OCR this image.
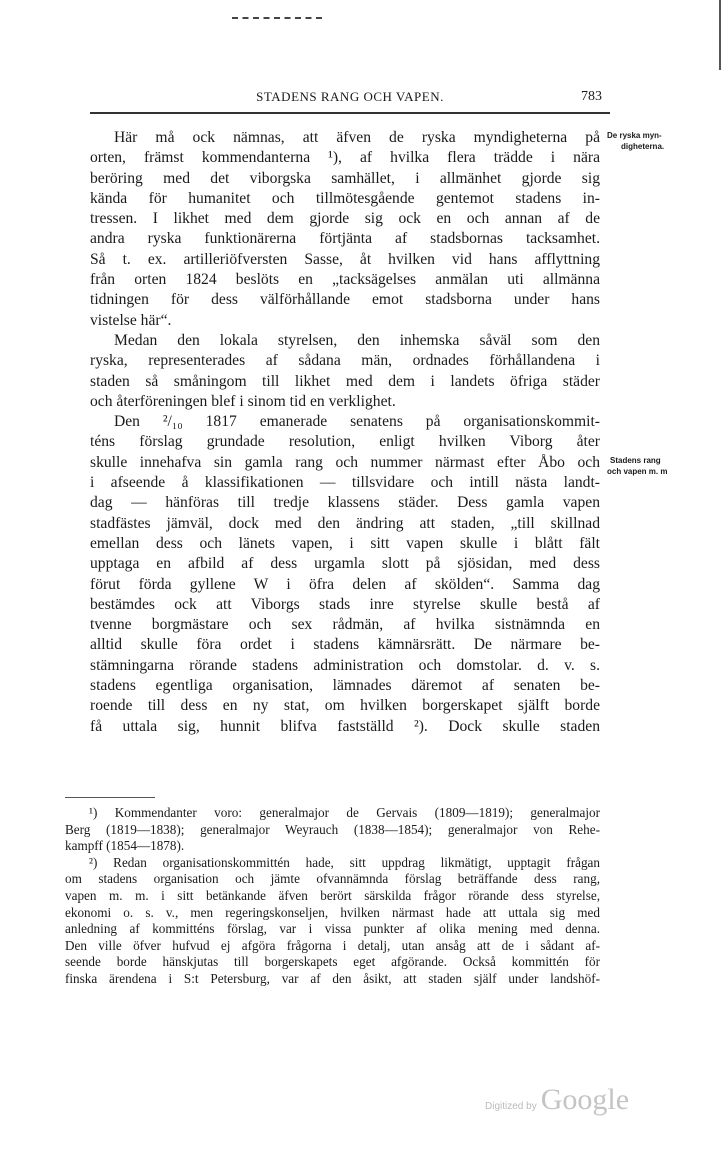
STADENS RANG OCH VAPEN.	783
Här må ock nämnas, att äfven de ryska myndigheterna på
orten, främst kommendanterna ¹), af hvilka flera trädde i nära
beröring med det viborgska samhället, i allmänhet gjorde sig
kända för humanitet och tillmötesgående gentemot stadens in-
tressen. I likhet med dem gjorde sig ock en och annan af de
andra ryska funktionärerna förtjänta af stadsbornas tacksamhet.
Så t. ex. artilleriöfversten Sasse, åt hvilken vid hans afflyttning
från orten 1824 beslöts en „tacksägelses anmälan uti allmänna
tidningen för dess välförhållande emot stadsborna under hans
vistelse här“.
Medan den lokala styrelsen, den inhemska såväl som den
ryska, representerades af sådana män, ordnades förhållandena i
staden så småningom till likhet med dem i landets öfriga städer
och återföreningen blef i sinom tid en verklighet.
Den ²/₁₀ 1817 emanerade senatens på organisationskommit-
téns förslag grundade resolution, enligt hvilken Viborg åter
skulle innehafva sin gamla rang och nummer närmast efter Åbo och
i afseende å klassifikationen — tillsvidare och intill nästa landt-
dag — hänföras till tredje klassens städer. Dess gamla vapen
stadfästes jämväl, dock med den ändring att staden, „till skillnad
emellan dess och länets vapen, i sitt vapen skulle i blått fält
upptaga en afbild af dess urgamla slott på sjösidan, med dess
förut förda gyllene W i öfra delen af skölden“. Samma dag
bestämdes ock att Viborgs stads inre styrelse skulle bestå af
tvenne borgmästare och sex rådmän, af hvilka sistnämnda en
alltid skulle föra ordet i stadens kämnärsrätt. De närmare be-
stämningarna rörande stadens administration och domstolar. d. v. s.
stadens egentliga organisation, lämnades däremot af senaten be-
roende till dess en ny stat, om hvilken borgerskapet själft borde
få uttala sig, hunnit blifva fastställd ²). Dock skulle staden
De ryska myn-
digheterna.
Stadens rang
och vapen m. m
¹) Kommendanter voro: generalmajor de Gervais (1809—1819); generalmajor
Berg (1819—1838); generalmajor Weyrauch (1838—1854); generalmajor von Rehe-
kampff (1854—1878).
²) Redan organisationskommittén hade, sitt uppdrag likmätigt, upptagit frågan
om stadens organisation och jämte ofvannämnda förslag beträffande dess rang,
vapen m. m. i sitt betänkande äfven berört särskilda frågor rörande dess styrelse,
ekonomi o. s. v., men regeringskonseljen, hvilken närmast hade att uttala sig med
anledning af kommitténs förslag, var i vissa punkter af olika mening med denna.
Den ville öfver hufvud ej afgöra frågorna i detalj, utan ansåg att de i sådant af-
seende borde hänskjutas till borgerskapets eget afgörande. Också kommittén för
finska ärendena i S:t Petersburg, var af den åsikt, att staden själf under landshöf-
Digitized by Google
